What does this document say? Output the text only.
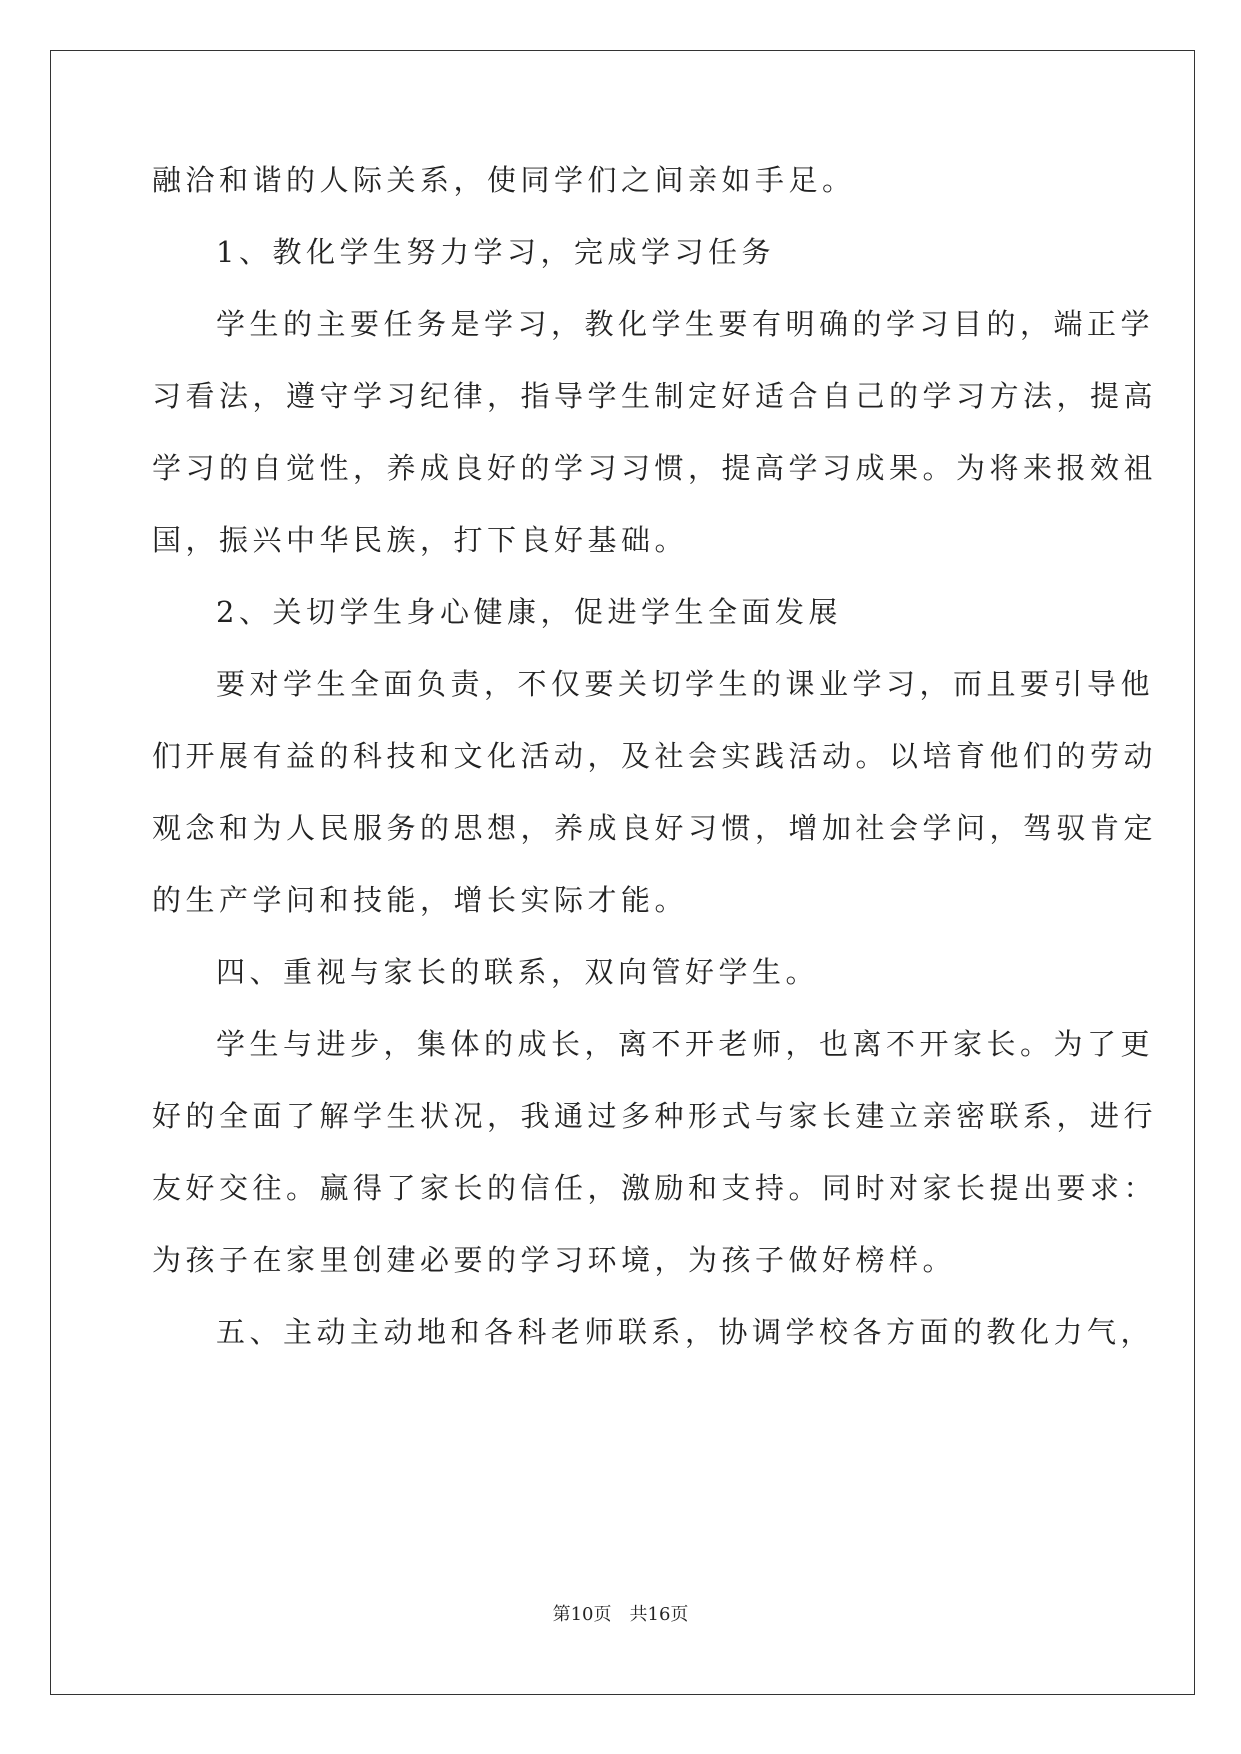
融洽和谐的人际关系，使同学们之间亲如手足。
1、教化学生努力学习，完成学习任务
学生的主要任务是学习，教化学生要有明确的学习目的，端正学
习看法，遵守学习纪律，指导学生制定好适合自己的学习方法，提高
学习的自觉性，养成良好的学习习惯，提高学习成果。为将来报效祖
国，振兴中华民族，打下良好基础。
2、关切学生身心健康，促进学生全面发展
要对学生全面负责，不仅要关切学生的课业学习，而且要引导他
们开展有益的科技和文化活动，及社会实践活动。以培育他们的劳动
观念和为人民服务的思想，养成良好习惯，增加社会学问，驾驭肯定
的生产学问和技能，增长实际才能。
四、重视与家长的联系，双向管好学生。
学生与进步，集体的成长，离不开老师，也离不开家长。为了更
好的全面了解学生状况，我通过多种形式与家长建立亲密联系，进行
友好交往。赢得了家长的信任，激励和支持。同时对家长提出要求：
为孩子在家里创建必要的学习环境，为孩子做好榜样。
五、主动主动地和各科老师联系，协调学校各方面的教化力气，
第10页　共16页
